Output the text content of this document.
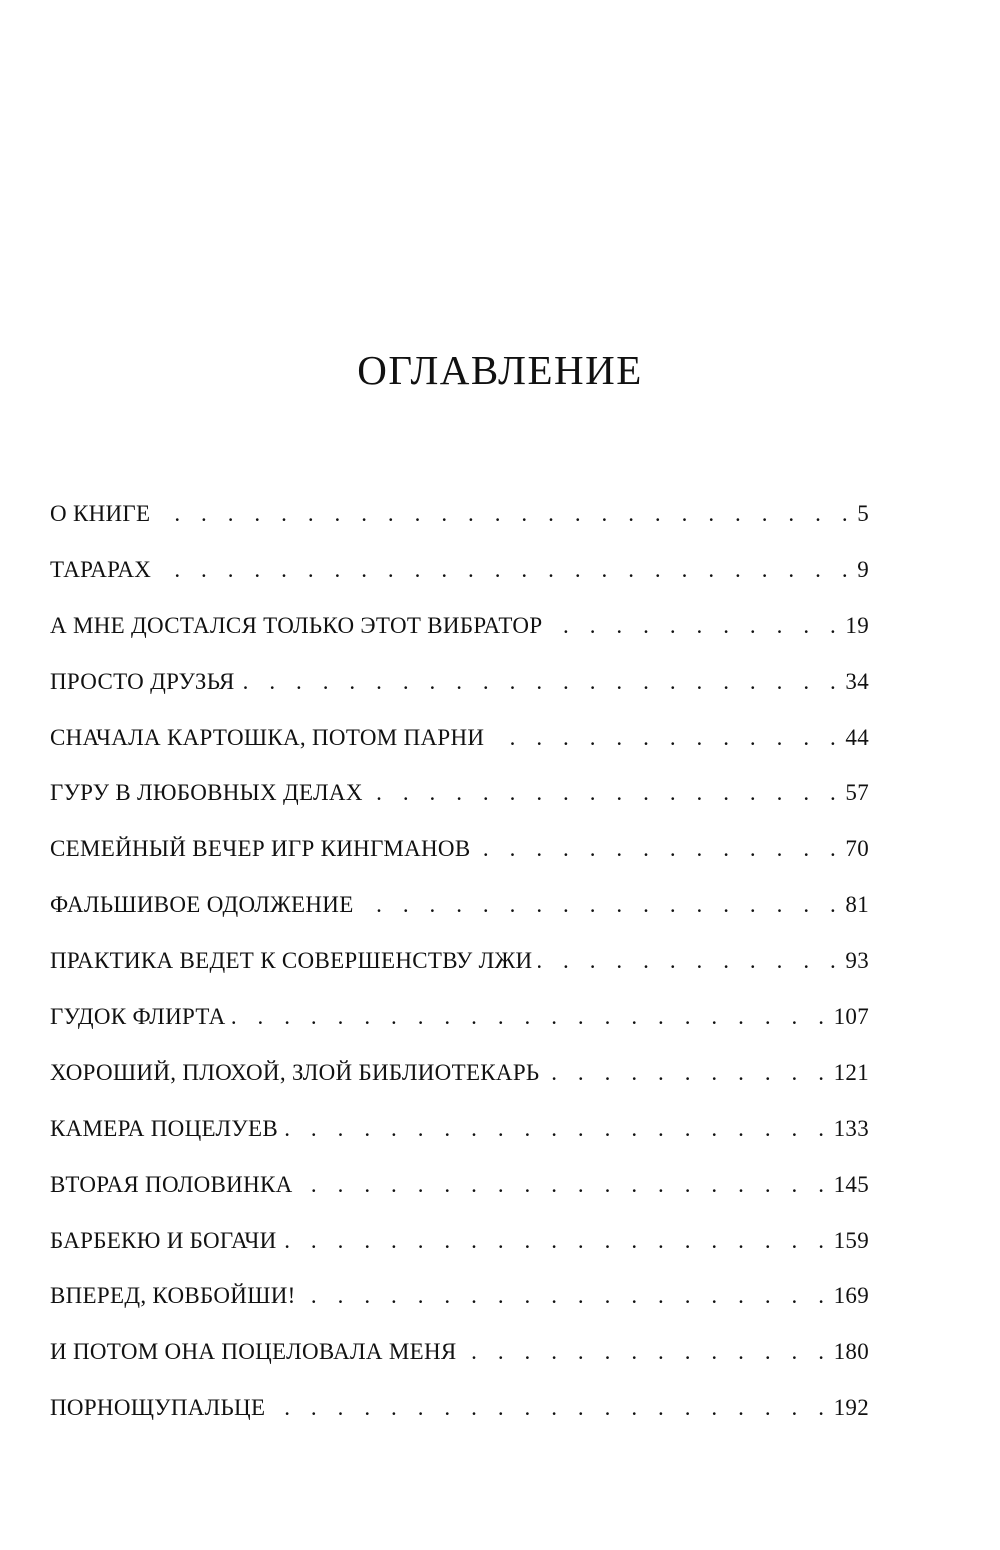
ОГЛАВЛЕНИЕ
О КНИГЕ . . .	5
ТАРАРАХ . . .	9
А МНЕ ДОСТАЛСЯ ТОЛЬКО ЭТОТ ВИБРАТОР . . .	19
ПРОСТО ДРУЗЬЯ . . .	34
СНАЧАЛА КАРТОШКА, ПОТОМ ПАРНИ . . .	44
ГУРУ В ЛЮБОВНЫХ ДЕЛАХ . . .	57
СЕМЕЙНЫЙ ВЕЧЕР ИГР КИНГМАНОВ . . .	70
ФАЛЬШИВОЕ ОДОЛЖЕНИЕ . . .	81
ПРАКТИКА ВЕДЕТ К СОВЕРШЕНСТВУ ЛЖИ . . .	93
ГУДОК ФЛИРТА . . .	107
ХОРОШИЙ, ПЛОХОЙ, ЗЛОЙ БИБЛИОТЕКАРЬ . . .	121
КАМЕРА ПОЦЕЛУЕВ . . .	133
ВТОРАЯ ПОЛОВИНКА . . .	145
БАРБЕКЮ И БОГАЧИ . . .	159
ВПЕРЕД, КОВБОЙШИ! . . .	169
И ПОТОМ ОНА ПОЦЕЛОВАЛА МЕНЯ . . .	180
ПОРНОЩУПАЛЬЦЕ . . .	192
